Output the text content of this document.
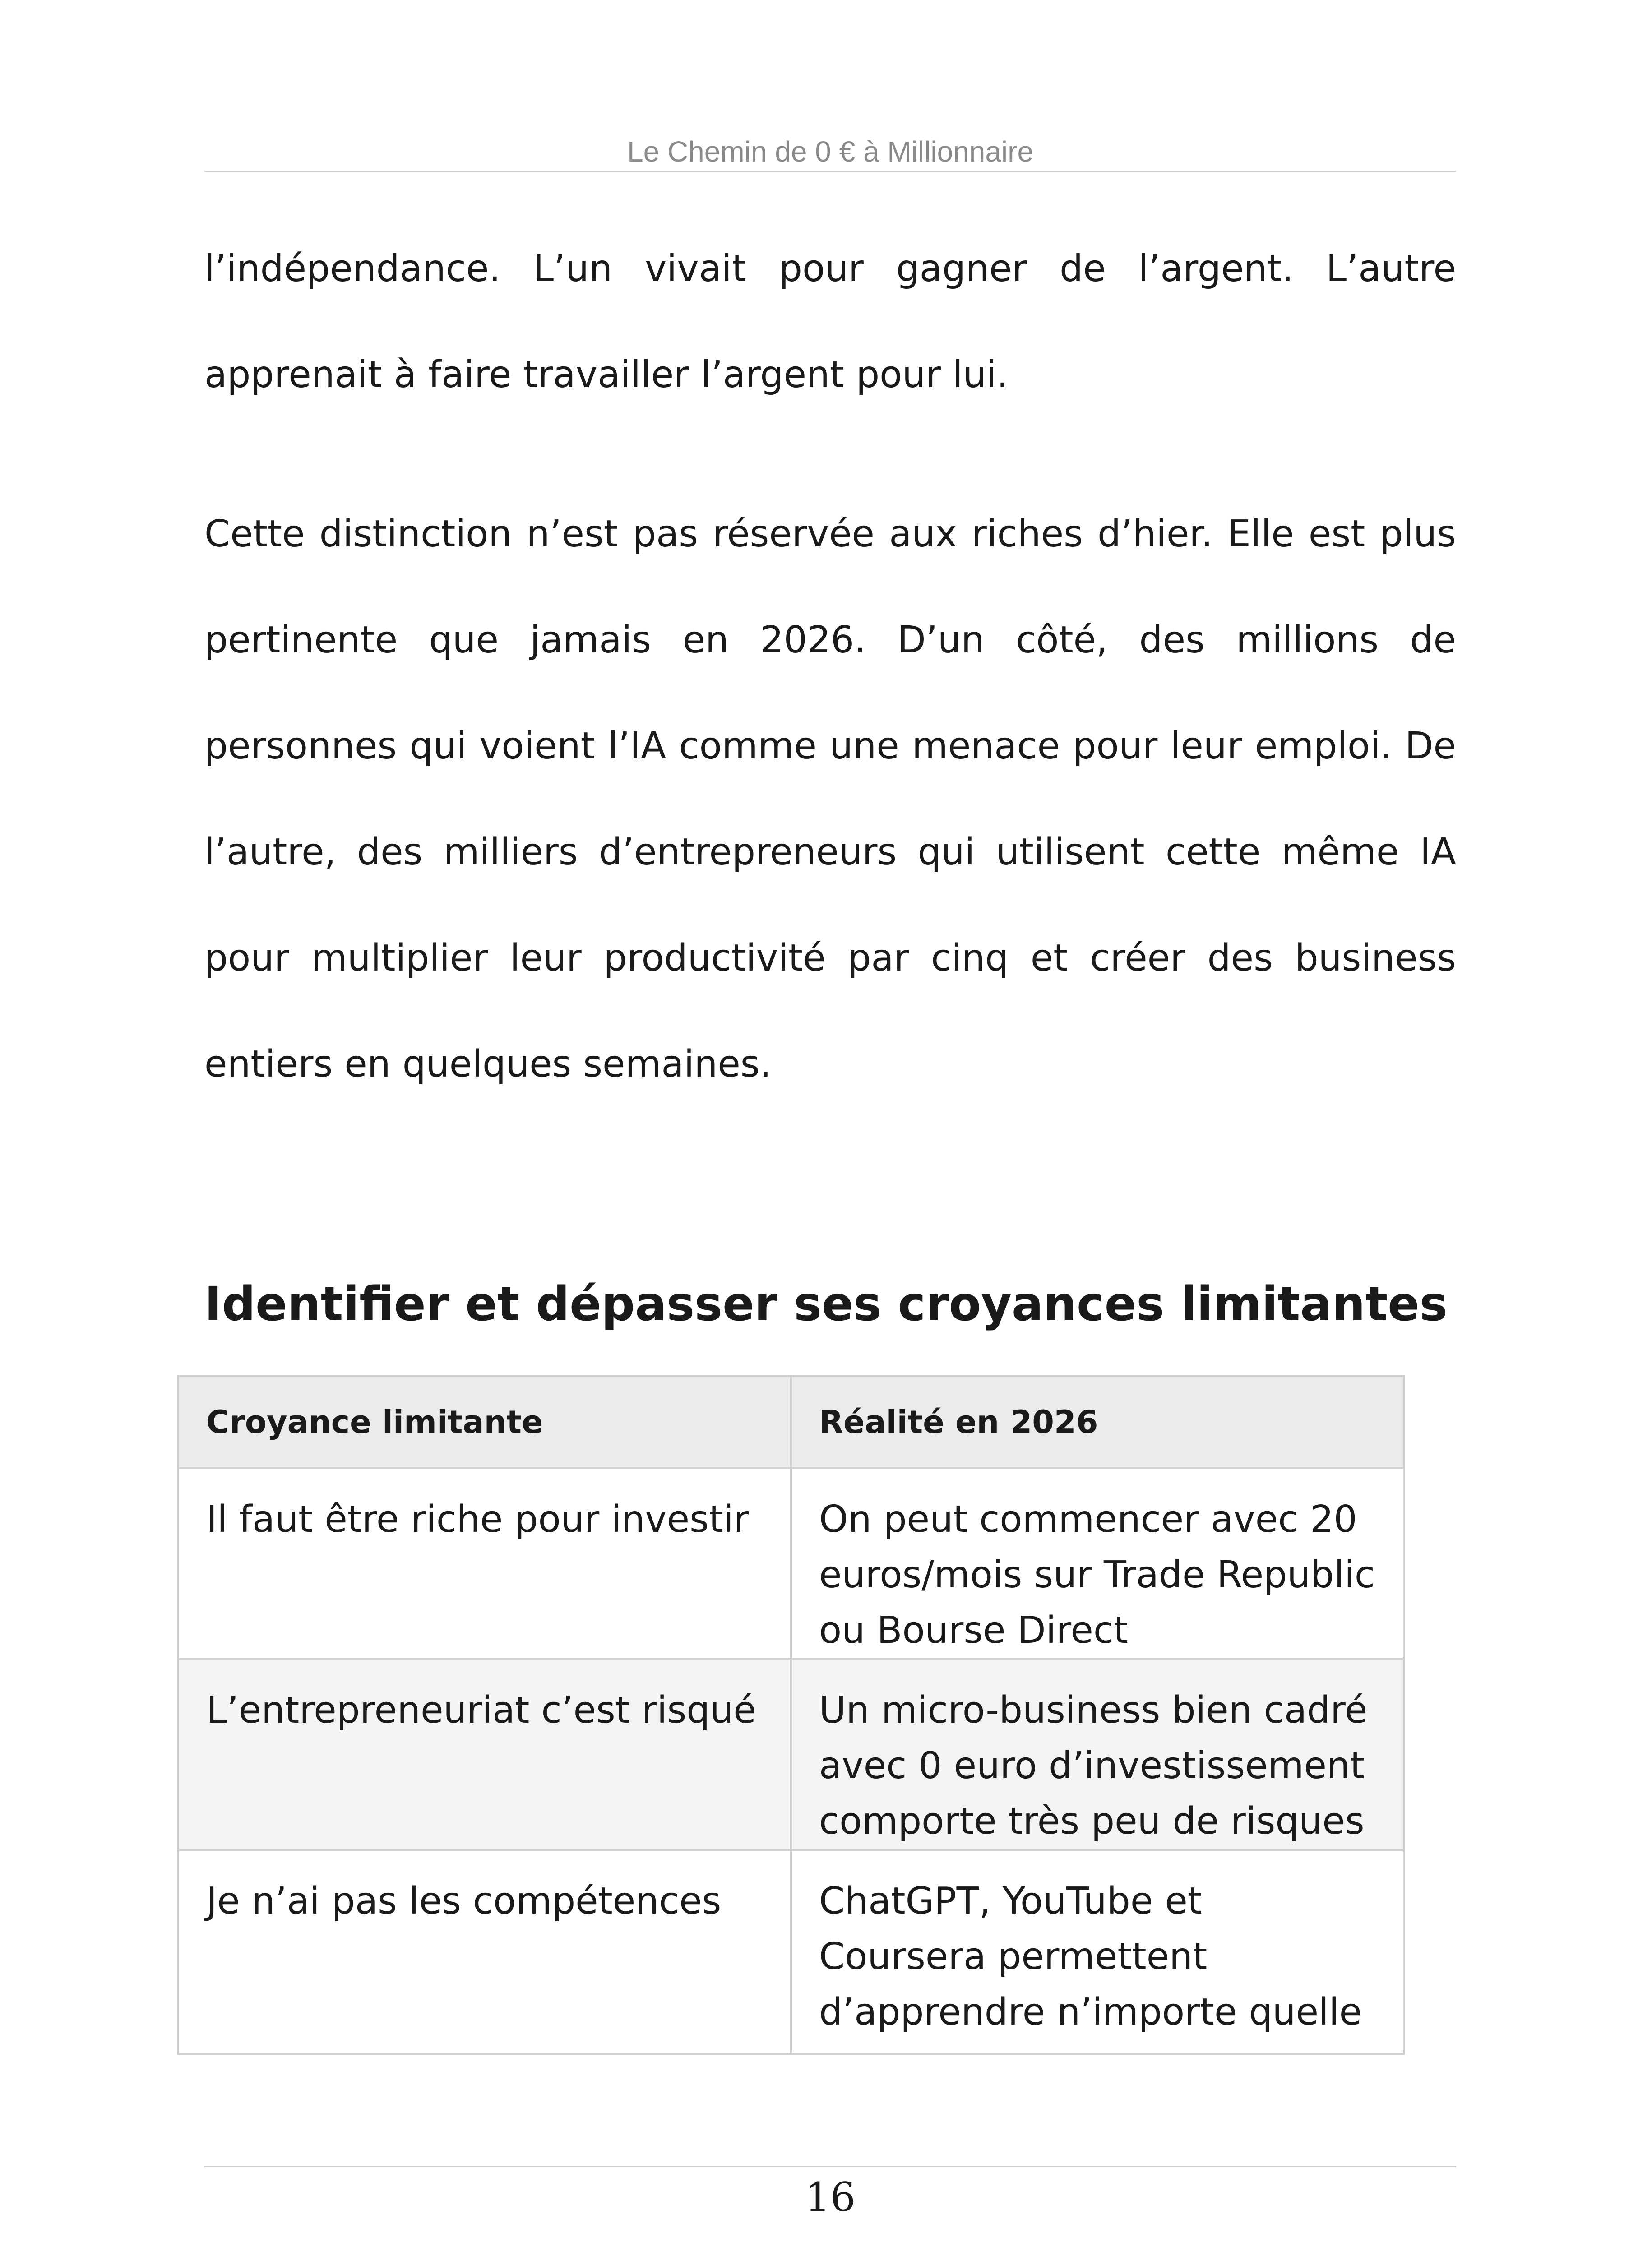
Le Chemin de 0 € à Millionnaire

l’indépendance. L’un vivait pour gagner de l’argent. L’autre apprenait à faire travailler l’argent pour lui.

Cette distinction n’est pas réservée aux riches d’hier. Elle est plus pertinente que jamais en 2026. D’un côté, des millions de personnes qui voient l’IA comme une menace pour leur emploi. De l’autre, des milliers d’entrepreneurs qui utilisent cette même IA pour multiplier leur productivité par cinq et créer des business entiers en quelques semaines.

Identifier et dépasser ses croyances limitantes
Croyance limitante	Réalité en 2026
Il faut être riche pour investir	On peut commencer avec 20 euros/mois sur Trade Republic ou Bourse Direct
L’entrepreneuriat c’est risqué	Un micro-business bien cadré avec 0 euro d’investissement comporte très peu de risques
Je n’ai pas les compétences	ChatGPT, YouTube et Coursera permettent d’apprendre n’importe quelle
16
